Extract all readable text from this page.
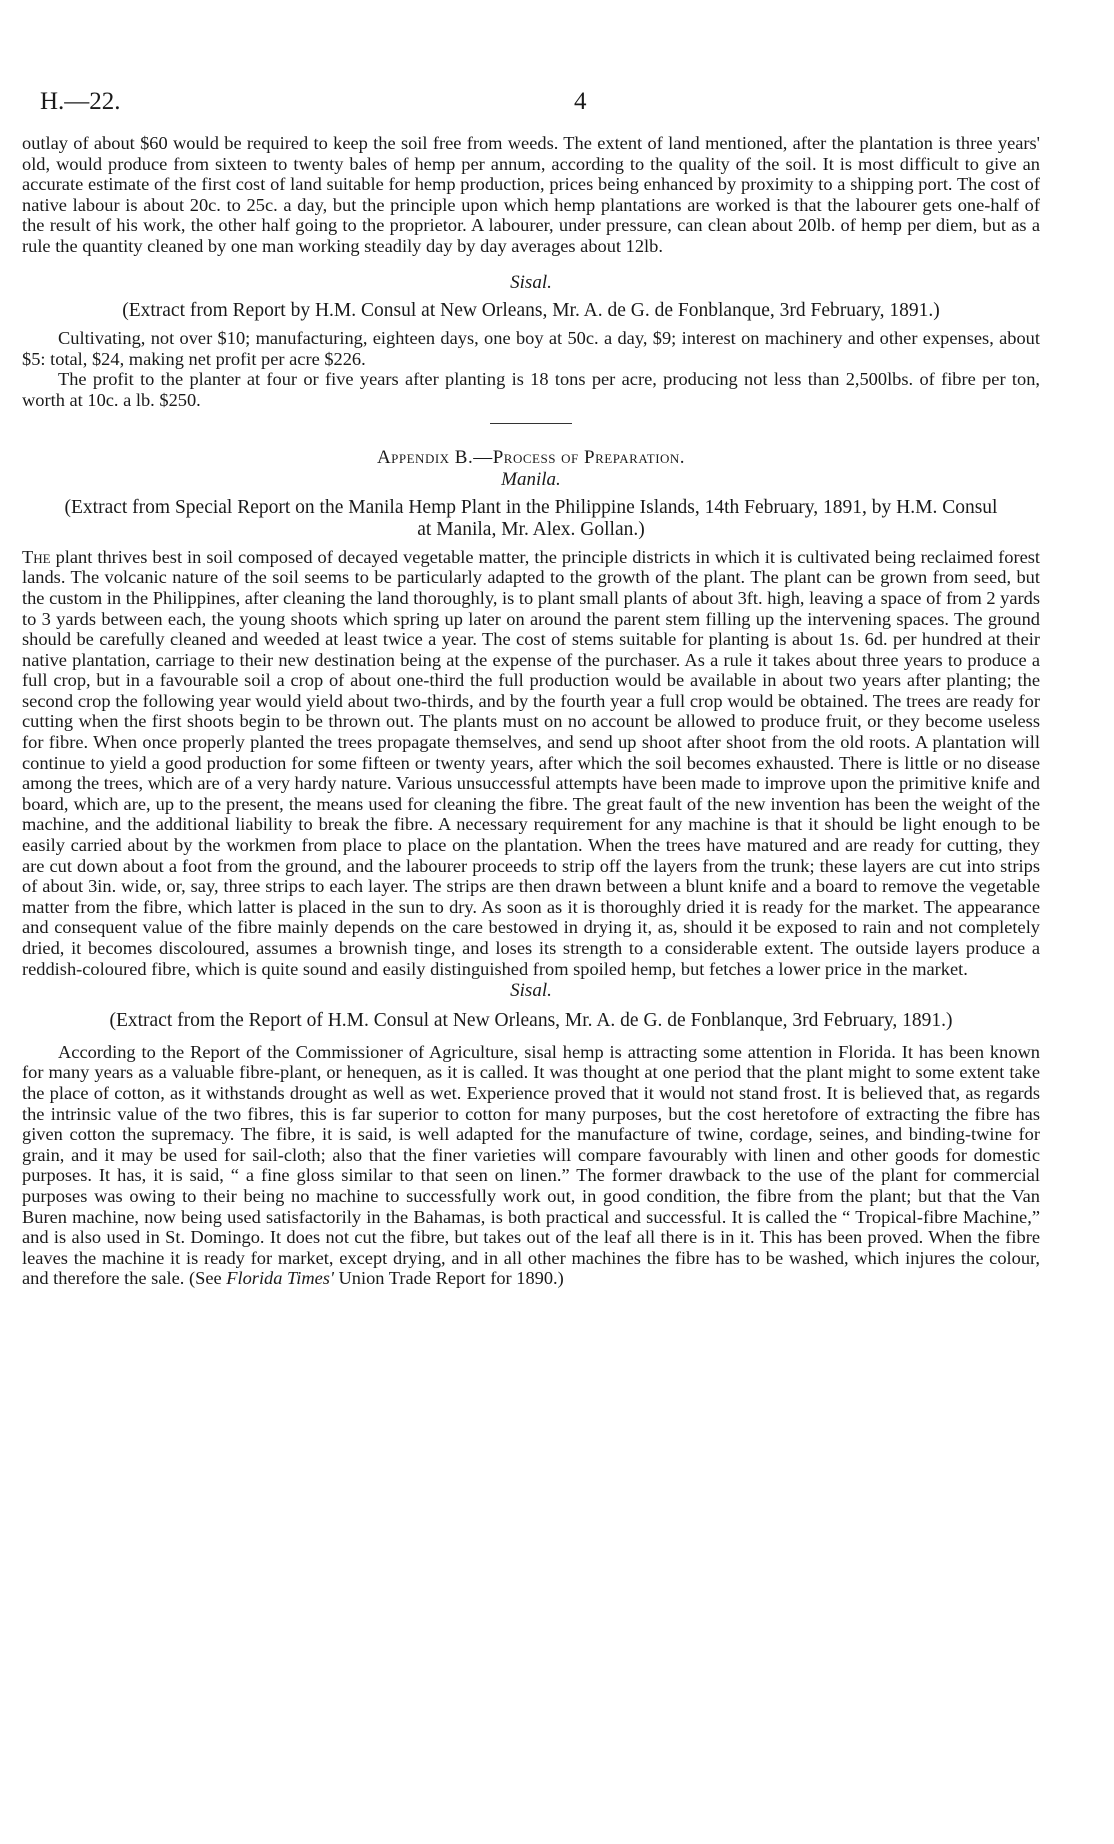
H.—22.	4

outlay of about $60 would be required to keep the soil free from weeds. The extent of land mentioned, after the plantation is three years' old, would produce from sixteen to twenty bales of hemp per annum, according to the quality of the soil. It is most difficult to give an accurate estimate of the first cost of land suitable for hemp production, prices being enhanced by proximity to a shipping port. The cost of native labour is about 20c. to 25c. a day, but the principle upon which hemp plantations are worked is that the labourer gets one-half of the result of his work, the other half going to the proprietor. A labourer, under pressure, can clean about 20lb. of hemp per diem, but as a rule the quantity cleaned by one man working steadily day by day averages about 12lb.

Sisal.

(Extract from Report by H.M. Consul at New Orleans, Mr. A. de G. de Fonblanque, 3rd February, 1891.)

Cultivating, not over $10; manufacturing, eighteen days, one boy at 50c. a day, $9; interest on machinery and other expenses, about $5: total, $24, making net profit per acre $226.

The profit to the planter at four or five years after planting is 18 tons per acre, producing not less than 2,500lbs. of fibre per ton, worth at 10c. a lb. $250.

Appendix B.—Process of Preparation.

Manila.

(Extract from Special Report on the Manila Hemp Plant in the Philippine Islands, 14th February, 1891, by H.M. Consul at Manila, Mr. Alex. Gollan.)

The plant thrives best in soil composed of decayed vegetable matter, the principle districts in which it is cultivated being reclaimed forest lands. The volcanic nature of the soil seems to be particularly adapted to the growth of the plant. The plant can be grown from seed, but the custom in the Philippines, after cleaning the land thoroughly, is to plant small plants of about 3ft. high, leaving a space of from 2 yards to 3 yards between each, the young shoots which spring up later on around the parent stem filling up the intervening spaces. The ground should be carefully cleaned and weeded at least twice a year. The cost of stems suitable for planting is about 1s. 6d. per hundred at their native plantation, carriage to their new destination being at the expense of the purchaser. As a rule it takes about three years to produce a full crop, but in a favourable soil a crop of about one-third the full production would be available in about two years after planting; the second crop the following year would yield about two-thirds, and by the fourth year a full crop would be obtained. The trees are ready for cutting when the first shoots begin to be thrown out. The plants must on no account be allowed to produce fruit, or they become useless for fibre. When once properly planted the trees propagate themselves, and send up shoot after shoot from the old roots. A plantation will continue to yield a good production for some fifteen or twenty years, after which the soil becomes exhausted. There is little or no disease among the trees, which are of a very hardy nature. Various unsuccessful attempts have been made to improve upon the primitive knife and board, which are, up to the present, the means used for cleaning the fibre. The great fault of the new invention has been the weight of the machine, and the additional liability to break the fibre. A necessary requirement for any machine is that it should be light enough to be easily carried about by the workmen from place to place on the plantation. When the trees have matured and are ready for cutting, they are cut down about a foot from the ground, and the labourer proceeds to strip off the layers from the trunk; these layers are cut into strips of about 3in. wide, or, say, three strips to each layer. The strips are then drawn between a blunt knife and a board to remove the vegetable matter from the fibre, which latter is placed in the sun to dry. As soon as it is thoroughly dried it is ready for the market. The appearance and consequent value of the fibre mainly depends on the care bestowed in drying it, as, should it be exposed to rain and not completely dried, it becomes discoloured, assumes a brownish tinge, and loses its strength to a considerable extent. The outside layers produce a reddish-coloured fibre, which is quite sound and easily distinguished from spoiled hemp, but fetches a lower price in the market.

Sisal.

(Extract from the Report of H.M. Consul at New Orleans, Mr. A. de G. de Fonblanque, 3rd February, 1891.)

According to the Report of the Commissioner of Agriculture, sisal hemp is attracting some attention in Florida. It has been known for many years as a valuable fibre-plant, or henequen, as it is called. It was thought at one period that the plant might to some extent take the place of cotton, as it withstands drought as well as wet. Experience proved that it would not stand frost. It is believed that, as regards the intrinsic value of the two fibres, this is far superior to cotton for many purposes, but the cost heretofore of extracting the fibre has given cotton the supremacy. The fibre, it is said, is well adapted for the manufacture of twine, cordage, seines, and binding-twine for grain, and it may be used for sail-cloth; also that the finer varieties will compare favourably with linen and other goods for domestic purposes. It has, it is said, “ a fine gloss similar to that seen on linen.” The former drawback to the use of the plant for commercial purposes was owing to their being no machine to successfully work out, in good condition, the fibre from the plant; but that the Van Buren machine, now being used satisfactorily in the Bahamas, is both practical and successful. It is called the “ Tropical-fibre Machine,” and is also used in St. Domingo. It does not cut the fibre, but takes out of the leaf all there is in it. This has been proved. When the fibre leaves the machine it is ready for market, except drying, and in all other machines the fibre has to be washed, which injures the colour, and therefore the sale. (See Florida Times' Union Trade Report for 1890.)
